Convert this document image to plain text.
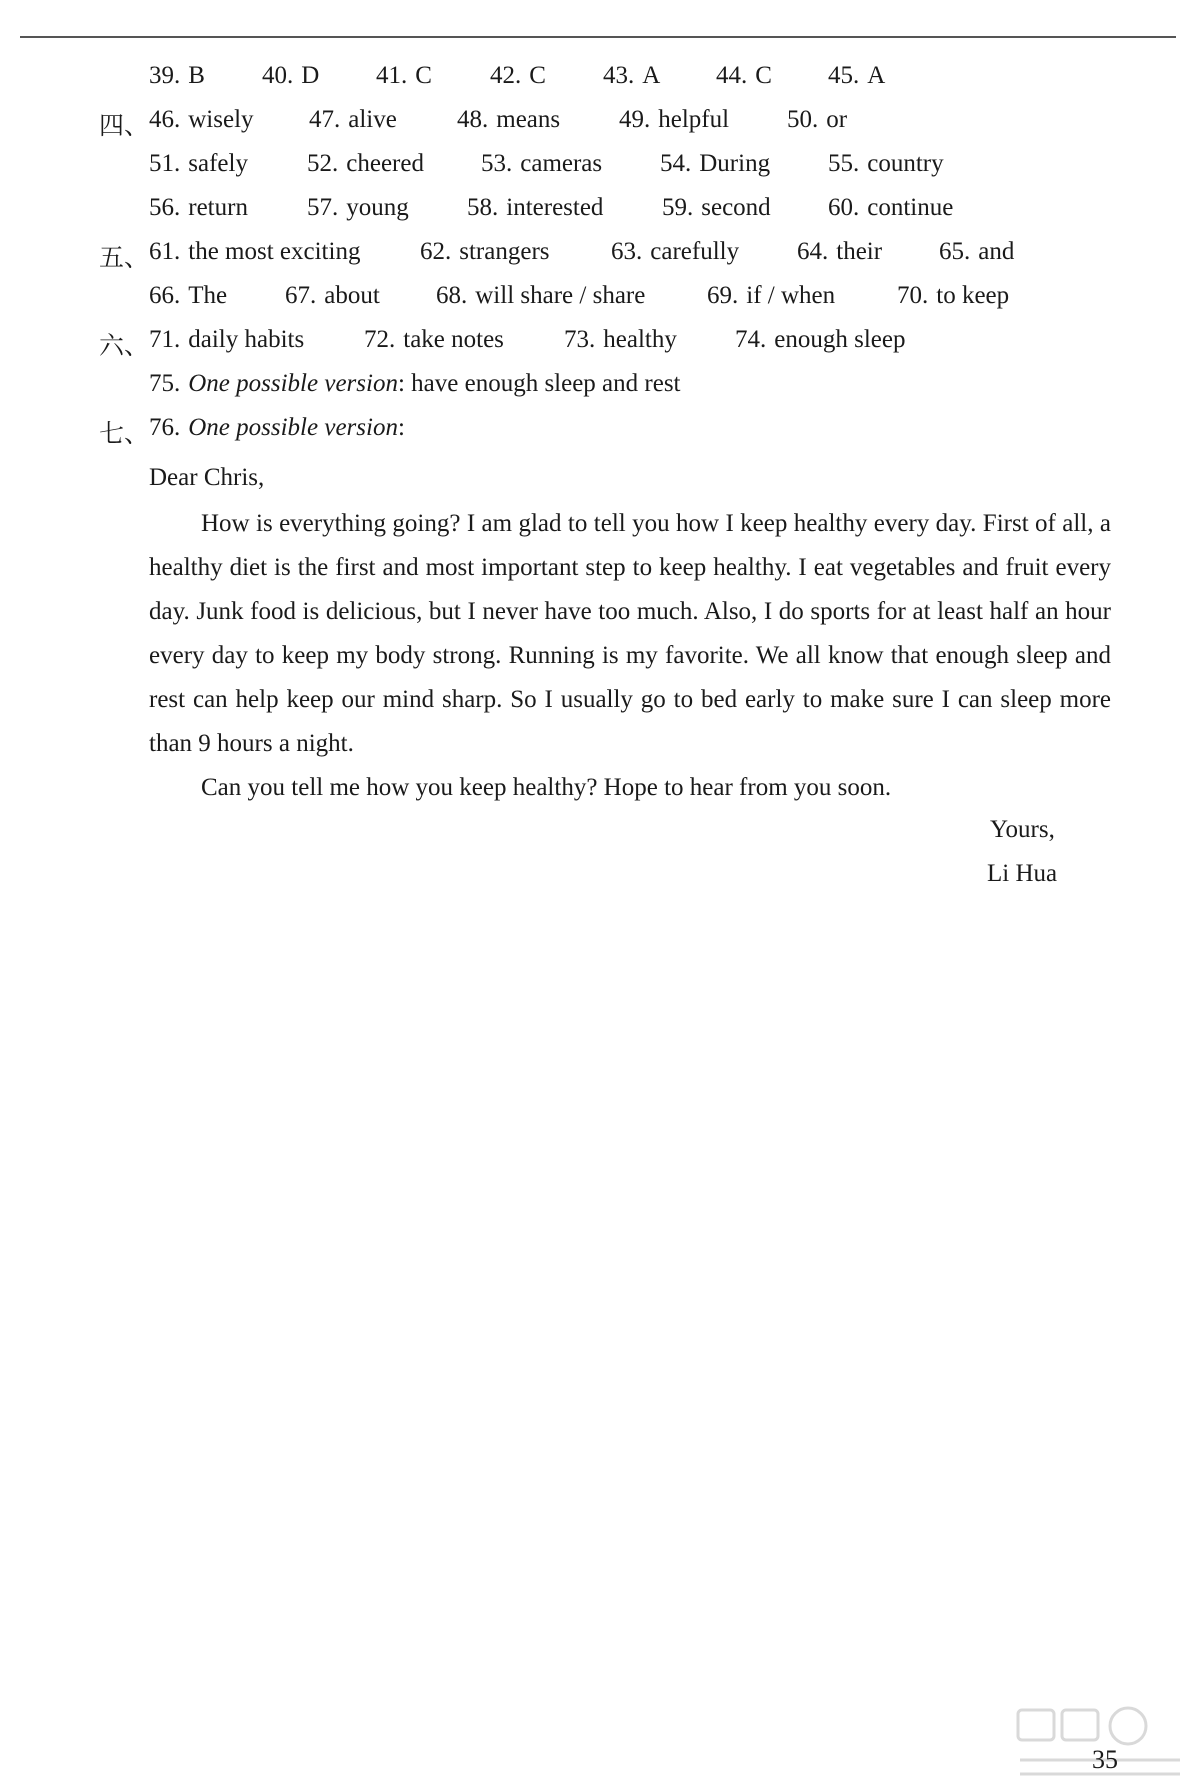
39. B 40. D 41. C 42. C 43. A 44. C 45. A
四、 46. wisely 47. alive 48. means 49. helpful 50. or
51. safely 52. cheered 53. cameras 54. During 55. country
56. return 57. young 58. interested 59. second 60. continue
五、 61. the most exciting 62. strangers 63. carefully 64. their 65. and
66. The 67. about 68. will share / share 69. if / when 70. to keep
六、 71. daily habits 72. take notes 73. healthy 74. enough sleep
75. One possible version: have enough sleep and rest
七、 76. One possible version:
Dear Chris,

How is everything going? I am glad to tell you how I keep healthy every day. First of all, a healthy diet is the first and most important step to keep healthy. I eat vegetables and fruit every day. Junk food is delicious, but I never have too much. Also, I do sports for at least half an hour every day to keep my body strong. Running is my favorite. We all know that enough sleep and rest can help keep our mind sharp. So I usually go to bed early to make sure I can sleep more than 9 hours a night.

Can you tell me how you keep healthy? Hope to hear from you soon.

Yours,
Li Hua
35
